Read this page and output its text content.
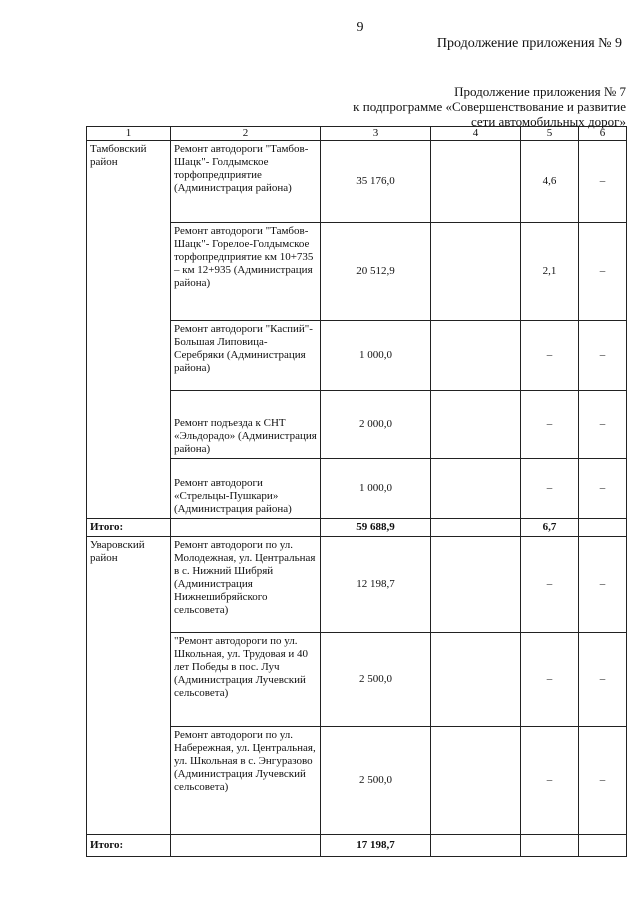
9
Продолжение приложения № 9
Продолжение приложения № 7
к подпрограмме «Совершенствование и развитие
сети автомобильных дорог»
1	2	3	4	5	6
Тамбовский район	Ремонт автодороги "Тамбов-Шацк"- Голдымское торфопредприятие (Администрация района)	35 176,0		4,6	–
	Ремонт автодороги "Тамбов-Шацк"- Горелое-Голдымское торфопредприятие км 10+735 – км 12+935 (Администрация района)	20 512,9		2,1	–
	Ремонт автодороги "Каспий"-Большая Липовица-Серебряки (Администрация района)	1 000,0		–	–
	Ремонт подъезда к СНТ «Эльдорадо» (Администрация района)	2 000,0		–	–
	Ремонт автодороги «Стрельцы-Пушкари» (Администрация района)	1 000,0		–	–
Итого:		59 688,9		6,7	
Уваровский район	Ремонт автодороги по ул. Молодежная, ул. Центральная в с. Нижний Шибряй (Администрация Нижнешибряйского сельсовета)	12 198,7		–	–
	"Ремонт автодороги по ул. Школьная, ул. Трудовая и 40 лет Победы в пос. Луч (Администрация Лучевский сельсовета)	2 500,0		–	–
	Ремонт автодороги по ул. Набережная, ул. Центральная, ул. Школьная в с. Энгуразово (Администрация Лучевский сельсовета)	2 500,0		–	–
Итого:		17 198,7			
